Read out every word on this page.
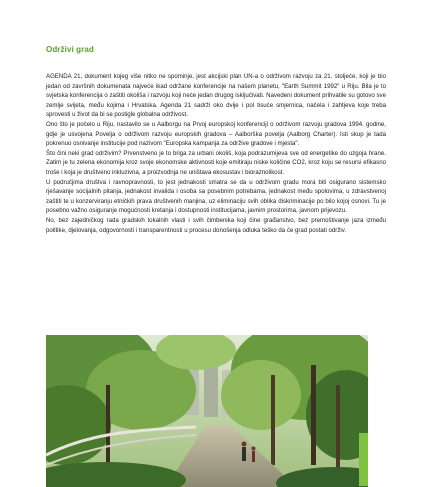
Održivi grad

AGENDA 21, dokument kojeg više nitko ne spominje, jest akcijski plan UN-a o održivom razvoju za 21. stoljeće, koji je bio jedan od završnih dokumenata najveće ikad održane konferencije na našem planetu, "Earth Summit 1992" u Riju. Bila je to svjetska konferencija o zaštiti okoliša i razvoju koji neće jedan drugog isključivati. Navedeni dokument prihvatile su gotovo sve zemlje svijeta, među kojima i Hrvatska. Agenda 21 sadrži oko dvije i pol tisuće smjernica, načela i zahtjeva koje treba sprovesti u život da bi se postigle globalna održivost.

Ono što je počelo u Riju, nastavilo se u Aalborgu na Prvoj europskoj konferenciji o održivom razvoju gradova 1994. godine, gdje je usvojena Povelja o održivom razvoju europskih gradova – Aalborška povelja (Aalborg Charter). Isti skup je tada pokrenuo osnivanje institucije pod nazivom "Europska kampanja za održive gradove i mjesta".

Što čini neki grad održivim? Prvenstveno je to briga za urbani okoliš, koja podrazumijeva sve od energetike do uzgoja hrane. Zatim je tu zelena ekonomija kroz svoje ekonomske aktivnosti koje emitiraju niske količine CO2, kroz koju se resursi efikasno troše i koja je društveno inkluzivna, a proizvodnja ne uništava ekosustav i bioraznolikost.

U područjima društva i ravnopravnosti, to jest jednakosti smatra se da u održivom gradu mora biti osigurano sistemsko rješavanje socijalnih pitanja, jednakost invalida i osoba sa posebnim potrebama, jednakost među spolovima, u zdravstvenoj zaštiti te u konzerviranju etničkih prava društvenih manjina, uz eliminaciju svih oblika diskriminacije po bilo kojoj osnovi. Tu je posebno važno osiguranje mogućnosti kretanja i dostupnosti institucijama, javnim prostorima, javnom prijevozu.

No, bez zajedničkog rada gradskih lokalnih vlasti i svih čimbenika koji čine građanstvo, bez premoštivanje jaza između politike, djelovanja, odgovornosti i transparentnosti u procesu donošenja odluka teško da će grad postati održiv.
